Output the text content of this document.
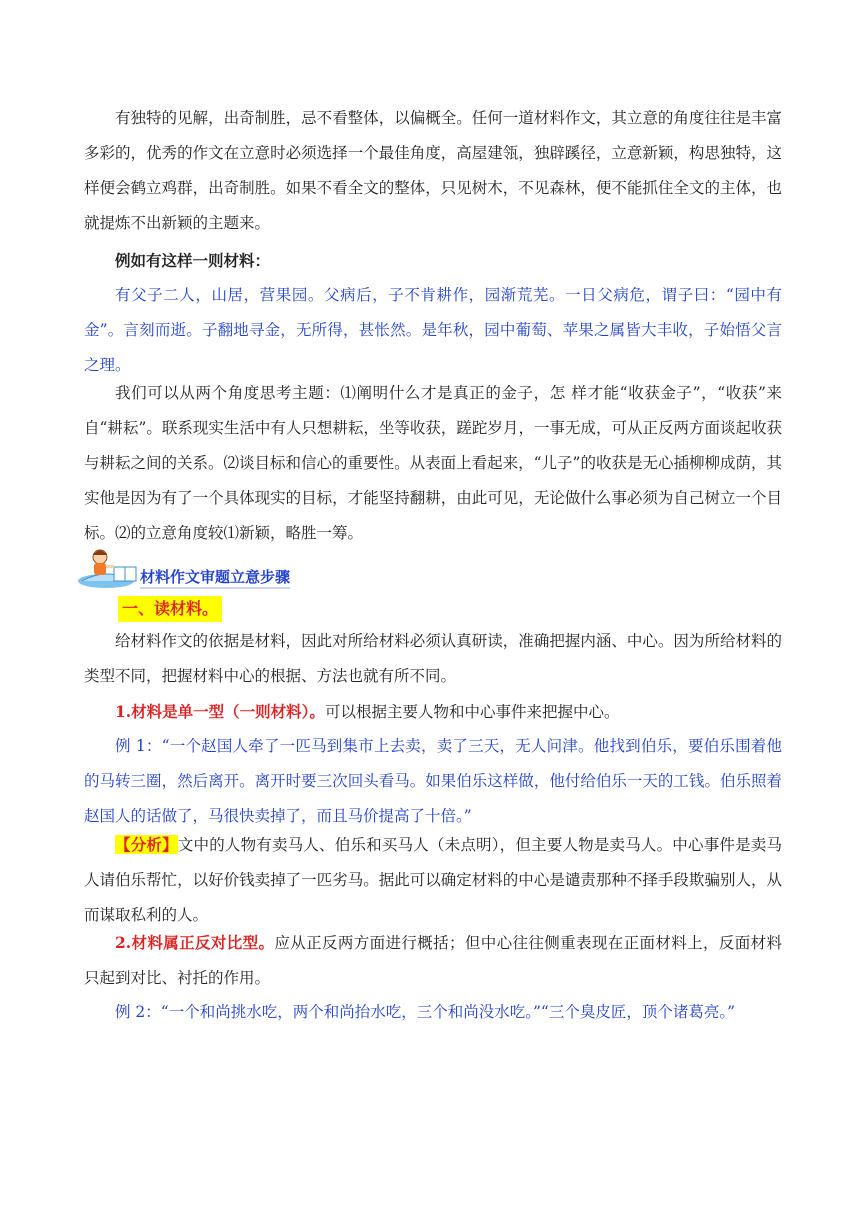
有独特的见解，出奇制胜，忌不看整体，以偏概全。任何一道材料作文，其立意的角度往往是丰富多彩的，优秀的作文在立意时必须选择一个最佳角度，高屋建瓴，独辟蹊径，立意新颖，构思独特，这样便会鹤立鸡群，出奇制胜。如果不看全文的整体，只见树木，不见森林，便不能抓住全文的主体，也就提炼不出新颖的主题来。

例如有这样一则材料：

有父子二人，山居，营果园。父病后，子不肯耕作，园渐荒芜。一日父病危，谓子曰：“园中有金”。言刻而逝。子翻地寻金，无所得，甚怅然。是年秋，园中葡萄、苹果之属皆大丰收，子始悟父言之理。

我们可以从两个角度思考主题：⑴阐明什么才是真正的金子，怎 样才能“收获金子”，“收获”来自“耕耘”。联系现实生活中有人只想耕耘，坐等收获，蹉跎岁月，一事无成，可从正反两方面谈起收获与耕耘之间的关系。⑵谈目标和信心的重要性。从表面上看起来，“儿子”的收获是无心插柳柳成荫，其实他是因为有了一个具体现实的目标，才能坚持翻耕，由此可见，无论做什么事必须为自己树立一个目标。⑵的立意角度较⑴新颖，略胜一筹。

材料作文审题立意步骤
一、读材料。

给材料作文的依据是材料，因此对所给材料必须认真研读，准确把握内涵、中心。因为所给材料的类型不同，把握材料中心的根据、方法也就有所不同。

1.材料是单一型（一则材料）。可以根据主要人物和中心事件来把握中心。

例 1：“一个赵国人牵了一匹马到集市上去卖，卖了三天，无人问津。他找到伯乐，要伯乐围着他的马转三圈，然后离开。离开时要三次回头看马。如果伯乐这样做，他付给伯乐一天的工钱。伯乐照着赵国人的话做了，马很快卖掉了，而且马价提高了十倍。”

【分析】文中的人物有卖马人、伯乐和买马人（未点明），但主要人物是卖马人。中心事件是卖马人请伯乐帮忙，以好价钱卖掉了一匹劣马。据此可以确定材料的中心是谴责那种不择手段欺骗别人，从而谋取私利的人。

2.材料属正反对比型。应从正反两方面进行概括；但中心往往侧重表现在正面材料上，反面材料只起到对比、衬托的作用。

例 2：“一个和尚挑水吃，两个和尚抬水吃，三个和尚没水吃。”“三个臭皮匠，顶个诸葛亮。”
